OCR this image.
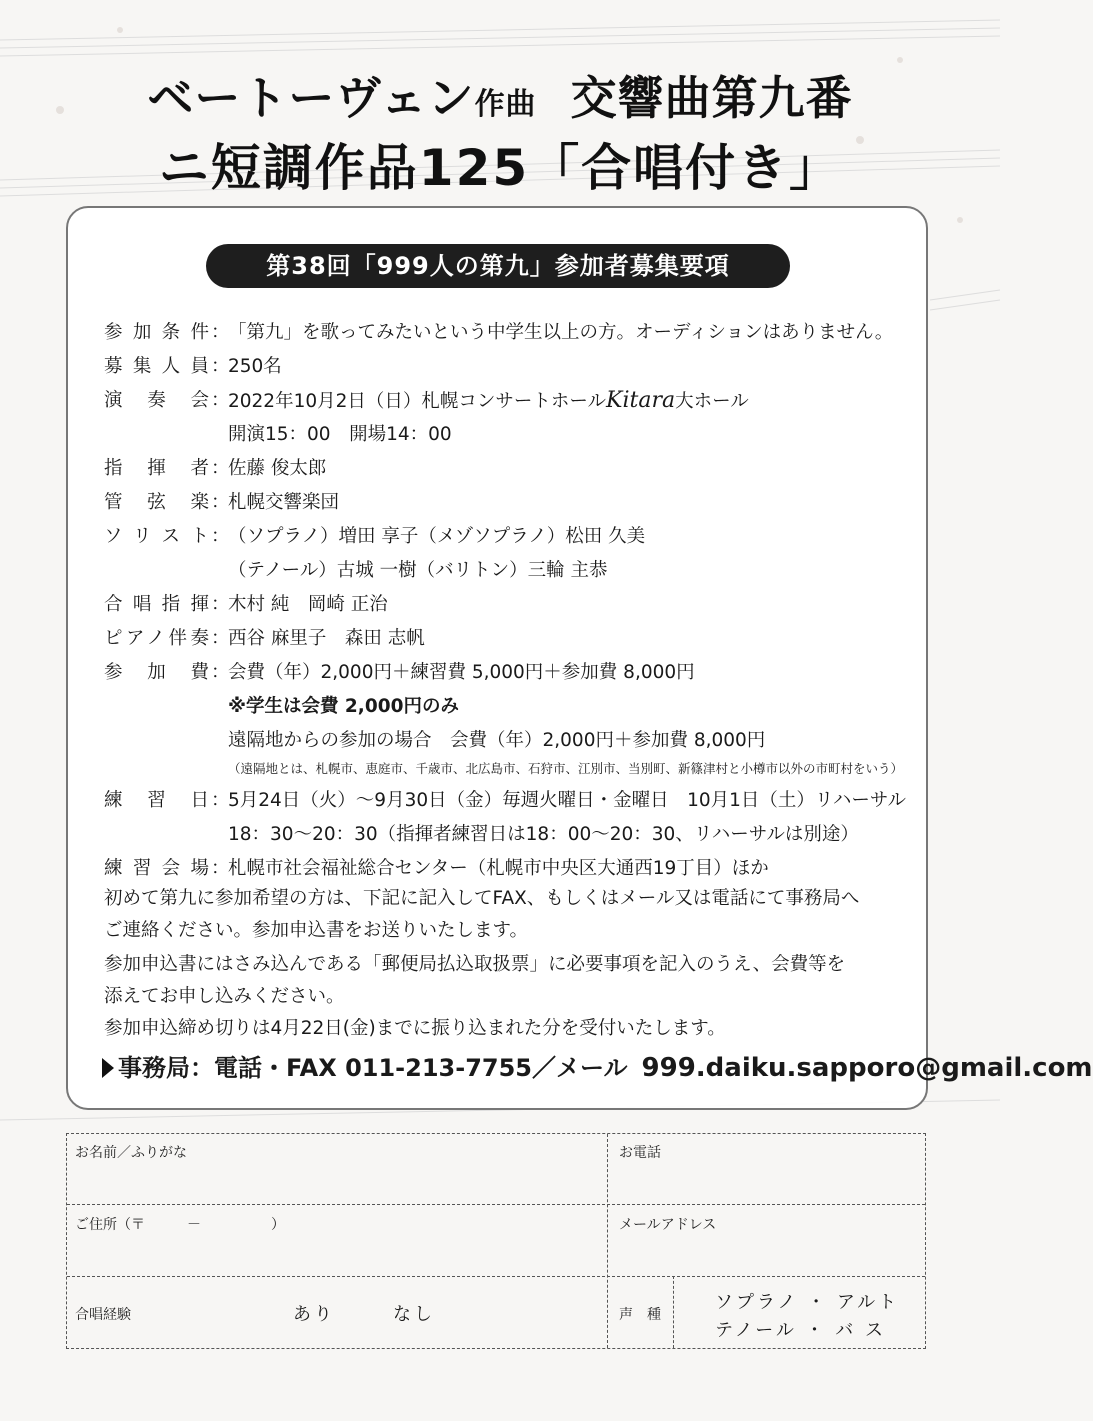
ベートーヴェン作曲 交響曲第九番
ニ短調作品125「合唱付き」
第38回「999人の第九」参加者募集要項
参加条件 ：
「第九」を歌ってみたいという中学生以上の方。オーディションはありません。
募集人員 ：
250名
演奏会 ：
2022年10月2日（日）札幌コンサートホールKitara大ホール
開演15：00　開場14：00
指揮者 ：
佐藤 俊太郎
管弦楽 ：
札幌交響楽団
ソリスト ：
（ソプラノ）増田 享子（メゾソプラノ）松田 久美
（テノール）古城 一樹（バリトン）三輪 主恭
合唱指揮 ：
木村 純　岡崎 正治
ピアノ伴奏 ：
西谷 麻里子　森田 志帆
参加費 ：
会費（年）2,000円＋練習費 5,000円＋参加費 8,000円
※学生は会費 2,000円のみ
遠隔地からの参加の場合　会費（年）2,000円＋参加費 8,000円
（遠隔地とは、札幌市、恵庭市、千歳市、北広島市、石狩市、江別市、当別町、新篠津村と小樽市以外の市町村をいう）
練習日 ：
5月24日（火）〜9月30日（金）毎週火曜日・金曜日　10月1日（土）リハーサル
18：30〜20：30（指揮者練習日は18：00〜20：30、リハーサルは別途）
練習会場 ：
札幌市社会福祉総合センター（札幌市中央区大通西19丁目）ほか
初めて第九に参加希望の方は、下記に記入してFAX、もしくはメール又は電話にて事務局へ
ご連絡ください。参加申込書をお送りいたします。
参加申込書にはさみ込んである「郵便局払込取扱票」に必要事項を記入のうえ、会費等を
添えてお申し込みください。
参加申込締め切りは4月22日(金)までに振り込まれた分を受付いたします。
事務局：電話・FAX 011-213-7755／メール 999.daiku.sapporo@gmail.com
お名前／ふりがな	お電話
ご住所（〒　　　－　　　　　）	メールアドレス
合唱経験	あり	なし	声　種
ソプラノ ・ アルト
テノール ・ バ ス
